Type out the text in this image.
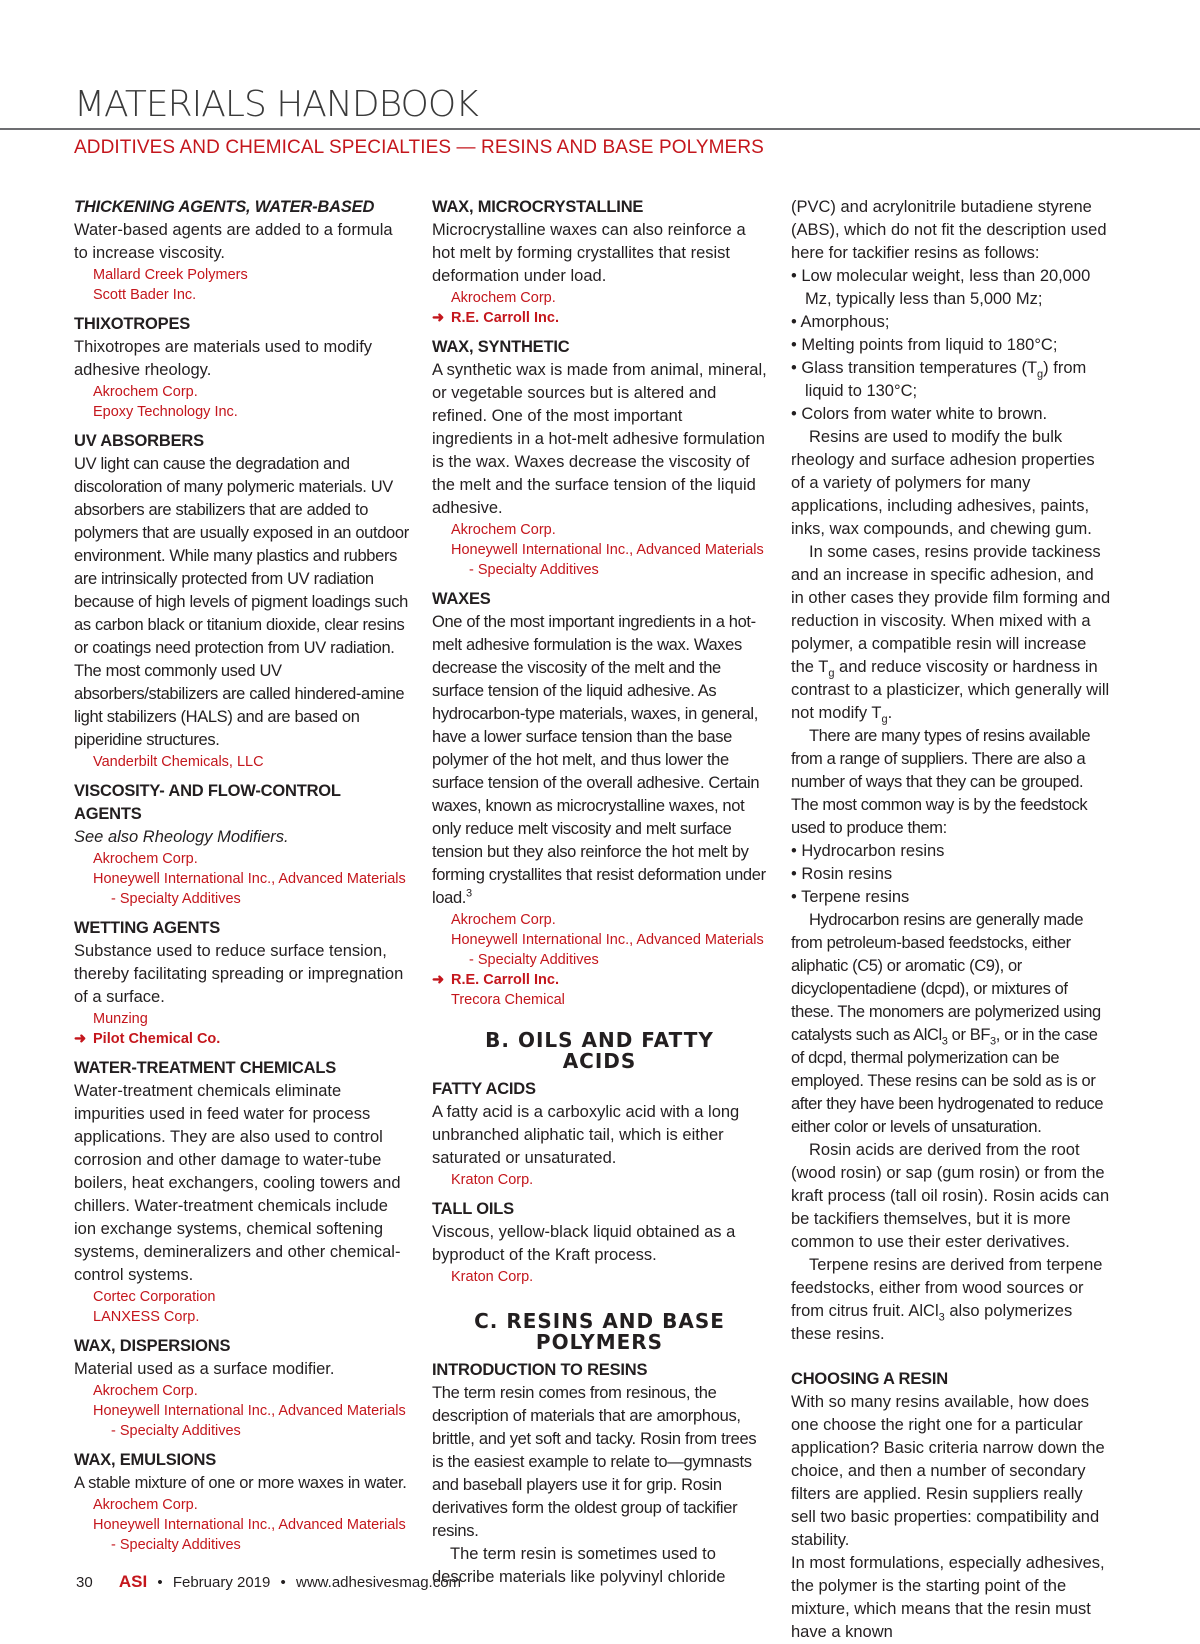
MATERIALS HANDBOOK
ADDITIVES AND CHEMICAL SPECIALTIES — RESINS AND BASE POLYMERS
THICKENING AGENTS, WATER-BASED
Water-based agents are added to a formula to increase viscosity.
Mallard Creek Polymers
Scott Bader Inc.
THIXOTROPES
Thixotropes are materials used to modify adhesive rheology.
Akrochem Corp.
Epoxy Technology Inc.
UV ABSORBERS
UV light can cause the degradation and discoloration of many polymeric materials. UV absorbers are stabilizers that are added to polymers that are usually exposed in an outdoor environment. While many plastics and rubbers are intrinsically protected from UV radiation because of high levels of pigment loadings such as carbon black or titanium dioxide, clear resins or coatings need protection from UV radiation. The most commonly used UV absorbers/stabilizers are called hindered-amine light stabilizers (HALS) and are based on piperidine structures.
Vanderbilt Chemicals, LLC
VISCOSITY- AND FLOW-CONTROL AGENTS
See also Rheology Modifiers.
Akrochem Corp.
Honeywell International Inc., Advanced Materials
- Specialty Additives
WETTING AGENTS
Substance used to reduce surface tension, thereby facilitating spreading or impregnation of a surface.
Munzing
➜ Pilot Chemical Co.
WATER-TREATMENT CHEMICALS
Water-treatment chemicals eliminate impurities used in feed water for process applications. They are also used to control corrosion and other damage to water-tube boilers, heat exchangers, cooling towers and chillers. Water-treatment chemicals include ion exchange systems, chemical softening systems, demineralizers and other chemical-control systems.
Cortec Corporation
LANXESS Corp.
WAX, DISPERSIONS
Material used as a surface modifier.
Akrochem Corp.
Honeywell International Inc., Advanced Materials
- Specialty Additives
WAX, EMULSIONS
A stable mixture of one or more waxes in water.
Akrochem Corp.
Honeywell International Inc., Advanced Materials
- Specialty Additives
WAX, MICROCRYSTALLINE
Microcrystalline waxes can also reinforce a hot melt by forming crystallites that resist deformation under load.
Akrochem Corp.
➜ R.E. Carroll Inc.
WAX, SYNTHETIC
A synthetic wax is made from animal, mineral, or vegetable sources but is altered and refined. One of the most important ingredients in a hot-melt adhesive formulation is the wax. Waxes decrease the viscosity of the melt and the surface tension of the liquid adhesive.
Akrochem Corp.
Honeywell International Inc., Advanced Materials
- Specialty Additives
WAXES
One of the most important ingredients in a hot-melt adhesive formulation is the wax. Waxes decrease the viscosity of the melt and the surface tension of the liquid adhesive. As hydrocarbon-type materials, waxes, in general, have a lower surface tension than the base polymer of the hot melt, and thus lower the surface tension of the overall adhesive. Certain waxes, known as microcrystalline waxes, not only reduce melt viscosity and melt surface tension but they also reinforce the hot melt by forming crystallites that resist deformation under load.$^3$
Akrochem Corp.
Honeywell International Inc., Advanced Materials
- Specialty Additives
➜ R.E. Carroll Inc.
Trecora Chemical
B. OILS AND FATTY ACIDS
FATTY ACIDS
A fatty acid is a carboxylic acid with a long unbranched aliphatic tail, which is either saturated or unsaturated.
Kraton Corp.
TALL OILS
Viscous, yellow-black liquid obtained as a byproduct of the Kraft process.
Kraton Corp.
C. RESINS AND BASE POLYMERS
INTRODUCTION TO RESINS
The term resin comes from resinous, the description of materials that are amorphous, brittle, and yet soft and tacky. Rosin from trees is the easiest example to relate to—gymnasts and baseball players use it for grip. Rosin derivatives form the oldest group of tackifier resins.
The term resin is sometimes used to describe materials like polyvinyl chloride
(PVC) and acrylonitrile butadiene styrene (ABS), which do not fit the description used here for tackifier resins as follows:
• Low molecular weight, less than 20,000 Mz, typically less than 5,000 Mz;
• Amorphous;
• Melting points from liquid to 180°C;
• Glass transition temperatures $(T_g)$ from liquid to 130°C;
• Colors from water white to brown.
Resins are used to modify the bulk rheology and surface adhesion properties of a variety of polymers for many applications, including adhesives, paints, inks, wax compounds, and chewing gum.
In some cases, resins provide tackiness and an increase in specific adhesion, and in other cases they provide film forming and reduction in viscosity. When mixed with a polymer, a compatible resin will increase the $T_g$ and reduce viscosity or hardness in contrast to a plasticizer, which generally will not modify $T_g$.
There are many types of resins available from a range of suppliers. There are also a number of ways that they can be grouped. The most common way is by the feedstock used to produce them:
• Hydrocarbon resins
• Rosin resins
• Terpene resins
Hydrocarbon resins are generally made from petroleum-based feedstocks, either aliphatic (C5) or aromatic (C9), or dicyclopentadiene (dcpd), or mixtures of these. The monomers are polymerized using catalysts such as AlCl$_3$ or $BF_3$, or in the case of dcpd, thermal polymerization can be employed. These resins can be sold as is or after they have been hydrogenated to reduce either color or levels of unsaturation.
Rosin acids are derived from the root (wood rosin) or sap (gum rosin) or from the kraft process (tall oil rosin). Rosin acids can be tackifiers themselves, but it is more common to use their ester derivatives.
Terpene resins are derived from terpene feedstocks, either from wood sources or from citrus fruit. AlCl$_3$ also polymerizes these resins.
CHOOSING A RESIN
With so many resins available, how does one choose the right one for a particular application? Basic criteria narrow down the choice, and then a number of secondary filters are applied. Resin suppliers really sell two basic properties: compatibility and stability.
In most formulations, especially adhesives, the polymer is the starting point of the mixture, which means that the resin must have a known
30 ASI • February 2019 • www.adhesivesmag.com
